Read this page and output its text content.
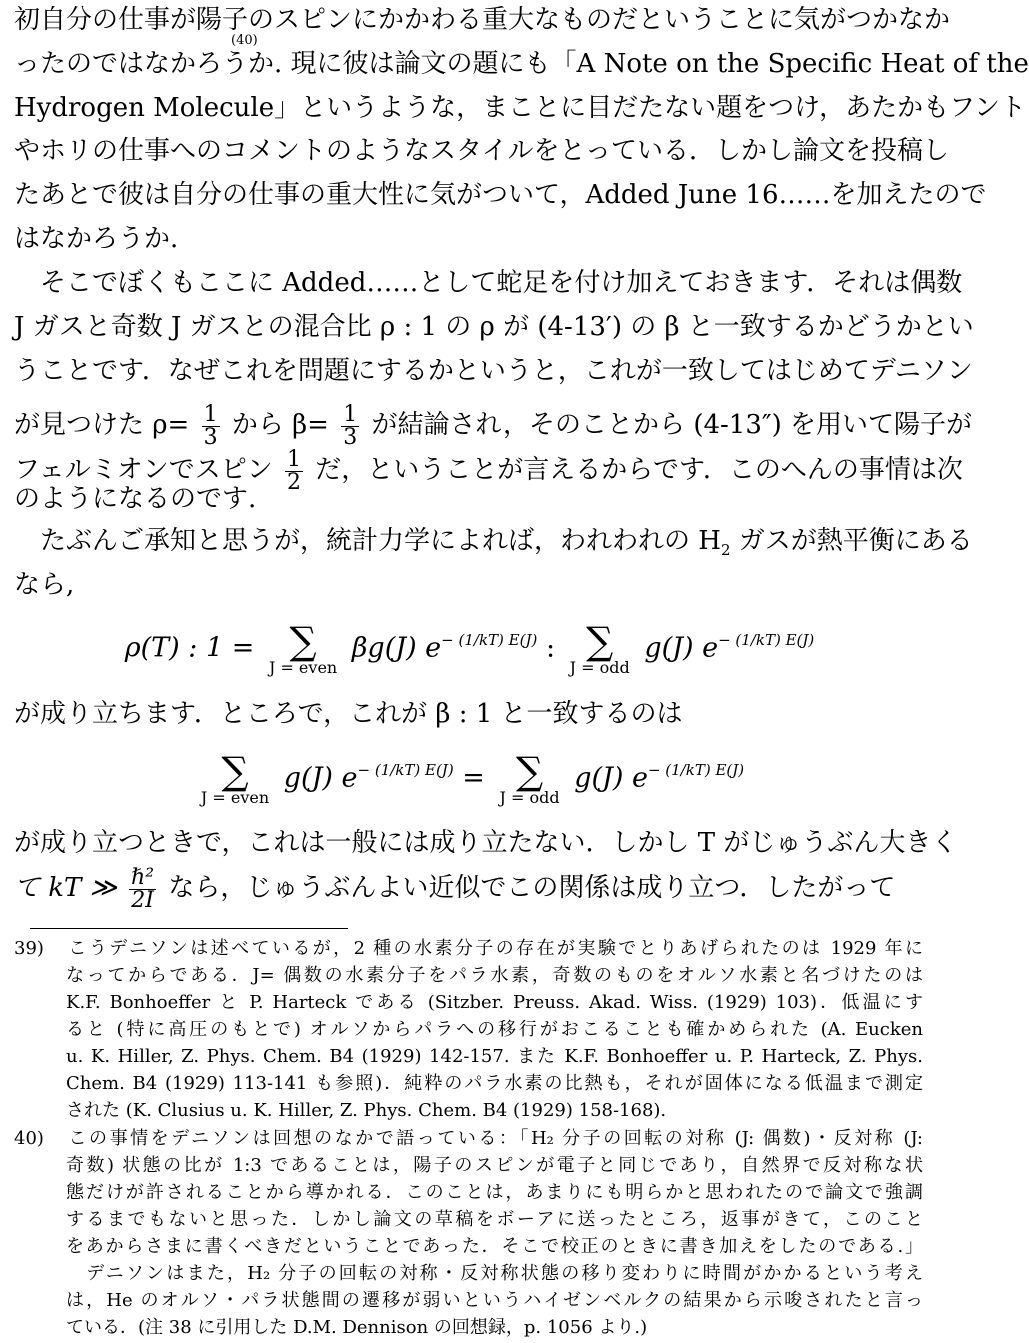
初自分の仕事が陽子のスピンにかかわる重大なものだということに気がつかなか
ったのではなかろうか. 現に彼は論文の題にも「A Note on the Specific Heat of the
(40)
Hydrogen Molecule」というような，まことに目だたない題をつけ，あたかもフント
やホリの仕事へのコメントのようなスタイルをとっている．しかし論文を投稿し
たあとで彼は自分の仕事の重大性に気がついて，Added June 16……を加えたので
はなかろうか.
そこでぼくもここに Added……として蛇足を付け加えておきます．それは偶数
J ガスと奇数 J ガスとの混合比 ρ : 1 の ρ が (4-13′) の β と一致するかどうかとい
うことです．なぜこれを問題にするかというと，これが一致してはじめてデニソン
が見つけた $\rho= \frac{1}{3}$ から $\beta= \frac{1}{3}$ が結論され，そのことから (4-13″) を用いて陽子が
フェルミオンでスピン $\frac{1}{2}$ だ，ということが言えるからです．このへんの事情は次
のようになるのです.
たぶんご承知と思うが，統計力学によれば，われわれの $H_2$ ガスが熱平衡にある
なら,
ρ(T) : 1 = ∑
J = even
βg(J) $e^{- (1/kT) E(J)}$ : ∑
J = odd
g(J) $e^{- (1/kT) E(J)}$
が成り立ちます．ところで，これが β : 1 と一致するのは
∑
J = even
g(J) $e^{- (1/kT) E(J)}$ = ∑
J = odd
g(J) $e^{- (1/kT) E(J)}$
が成り立つときで，これは一般には成り立たない．しかし T がじゅうぶん大きく
て kT ≫ $\frac{\text{ℏ²}}{2I}$ なら，じゅうぶんよい近似でこの関係は成り立つ．したがって
39) こうデニソンは述べているが，2 種の水素分子の存在が実験でとりあげられたのは 1929 年に
なってからである．J= 偶数の水素分子をパラ水素，奇数のものをオルソ水素と名づけたのは
K.F. Bonhoeffer と P. Harteck である (Sitzber. Preuss. Akad. Wiss. (1929) 103)．低温にす
ると (特に高圧のもとで) オルソからパラへの移行がおこることも確かめられた (A. Eucken
u. K. Hiller, Z. Phys. Chem. B4 (1929) 142-157. また K.F. Bonhoeffer u. P. Harteck, Z. Phys.
Chem. B4 (1929) 113-141 も参照)．純粋のパラ水素の比熱も，それが固体になる低温まで測定
された (K. Clusius u. K. Hiller, Z. Phys. Chem. B4 (1929) 158-168).
40) この事情をデニソンは回想のなかで語っている：「H₂ 分子の回転の対称 (J: 偶数)・反対称 (J:
奇数) 状態の比が 1:3 であることは，陽子のスピンが電子と同じであり，自然界で反対称な状
態だけが許されることから導かれる．このことは，あまりにも明らかと思われたので論文で強調
するまでもないと思った．しかし論文の草稿をボーアに送ったところ，返事がきて，このこと
をあからさまに書くべきだということであった．そこで校正のときに書き加えをしたのである.」
　デニソンはまた，H₂ 分子の回転の対称・反対称状態の移り変わりに時間がかかるという考え
は，He のオルソ・パラ状態間の遷移が弱いというハイゼンベルクの結果から示唆されたと言っ
ている．(注 38 に引用した D.M. Dennison の回想録，p. 1056 より.)
